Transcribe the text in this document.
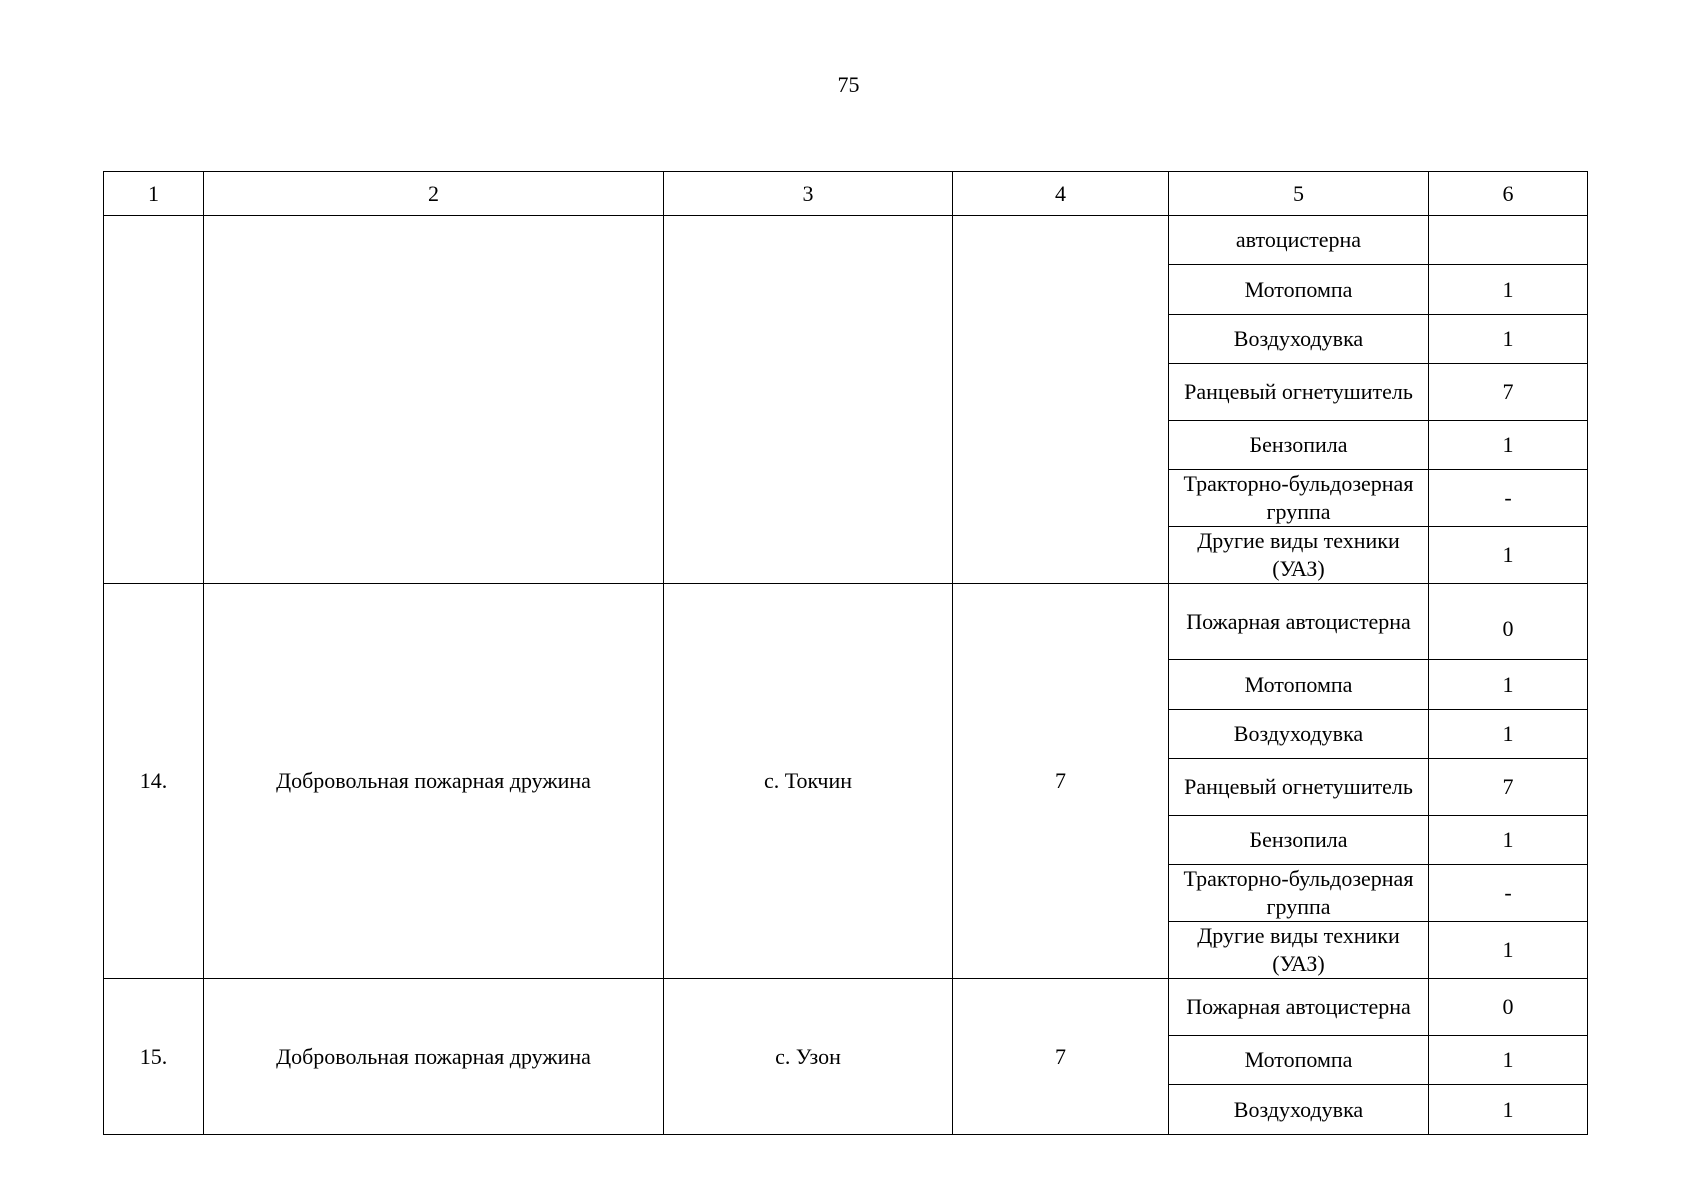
75
1	2	3	4	5	6
				автоцистерна	
				Мотопомпа	1
				Воздуходувка	1
				Ранцевый огнетушитель	7
				Бензопила	1
				Тракторно-бульдозерная группа	-
				Другие виды техники (УАЗ)	1
14.	Добровольная пожарная дружина	с. Токчин	7	Пожарная автоцистерна	0
				Мотопомпа	1
				Воздуходувка	1
				Ранцевый огнетушитель	7
				Бензопила	1
				Тракторно-бульдозерная группа	-
				Другие виды техники (УАЗ)	1
15.	Добровольная пожарная дружина	с. Узон	7	Пожарная автоцистерна	0
				Мотопомпа	1
				Воздуходувка	1
